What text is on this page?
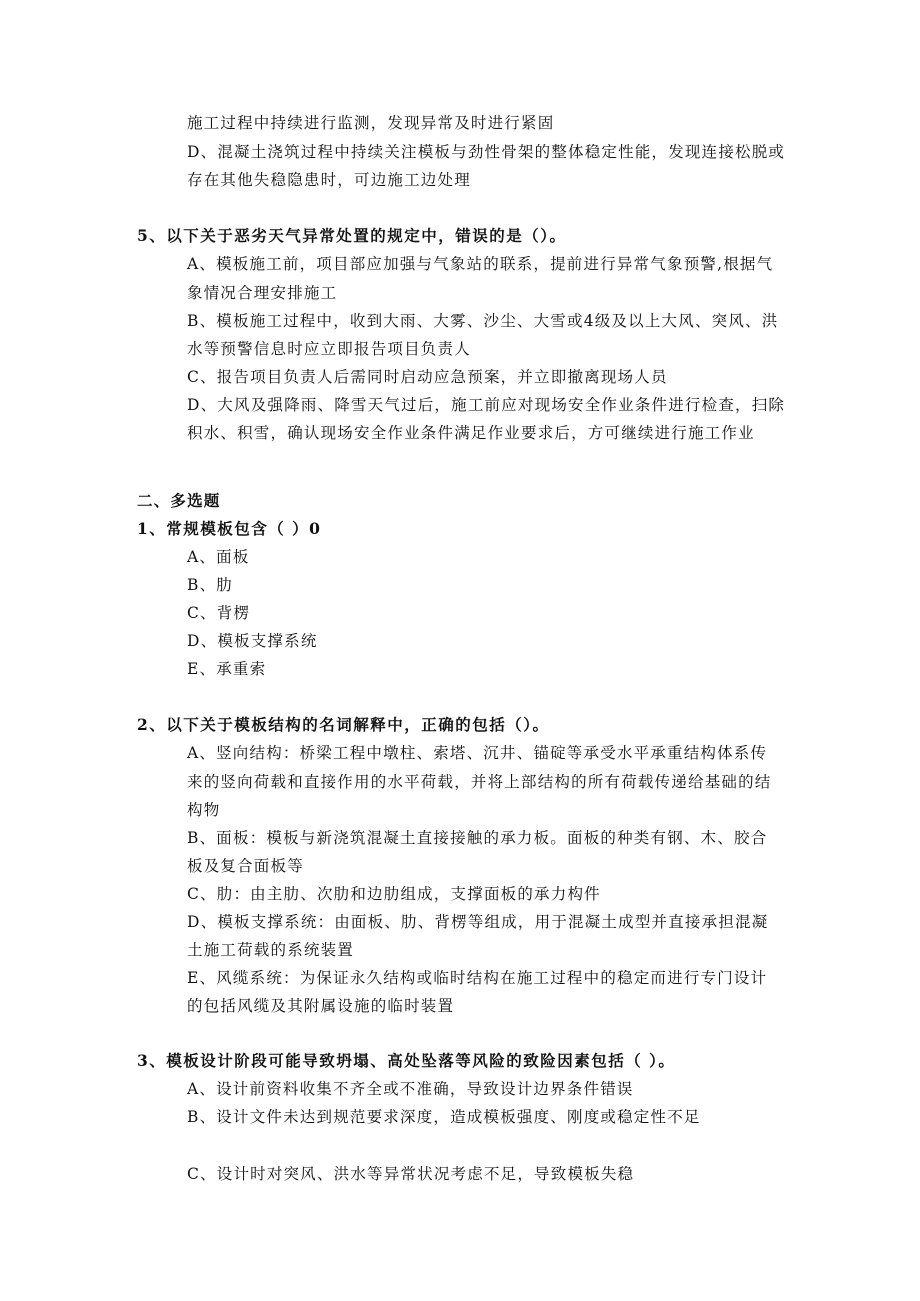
施工过程中持续进行监测，发现异常及时进行紧固
D、混凝土浇筑过程中持续关注模板与劲性骨架的整体稳定性能，发现连接松脱或
存在其他失稳隐患时，可边施工边处理
5、以下关于恶劣天气异常处置的规定中，错误的是（）。
A、模板施工前，项目部应加强与气象站的联系，提前进行异常气象预警,根据气
象情况合理安排施工
B、模板施工过程中，收到大雨、大雾、沙尘、大雪或4级及以上大风、突风、洪
水等预警信息时应立即报告项目负责人
C、报告项目负责人后需同时启动应急预案，并立即撤离现场人员
D、大风及强降雨、降雪天气过后，施工前应对现场安全作业条件进行检查，扫除
积水、积雪，确认现场安全作业条件满足作业要求后，方可继续进行施工作业
二、多选题
1、常规模板包含（ ）0
A、面板
B、肋
C、背楞
D、模板支撑系统
E、承重索
2、以下关于模板结构的名词解释中，正确的包括（）。
A、竖向结构：桥梁工程中墩柱、索塔、沉井、锚碇等承受水平承重结构体系传
来的竖向荷载和直接作用的水平荷载，并将上部结构的所有荷载传递给基础的结
构物
B、面板：模板与新浇筑混凝土直接接触的承力板。面板的种类有钢、木、胶合
板及复合面板等
C、肋：由主肋、次肋和边肋组成，支撑面板的承力构件
D、模板支撑系统：由面板、肋、背楞等组成，用于混凝土成型并直接承担混凝
土施工荷载的系统装置
E、风缆系统：为保证永久结构或临时结构在施工过程中的稳定而进行专门设计
的包括风缆及其附属设施的临时装置
3、模板设计阶段可能导致坍塌、高处坠落等风险的致险因素包括（ ）。
A、设计前资料收集不齐全或不准确，导致设计边界条件错误
B、设计文件未达到规范要求深度，造成模板强度、刚度或稳定性不足
C、设计时对突风、洪水等异常状况考虑不足，导致模板失稳
